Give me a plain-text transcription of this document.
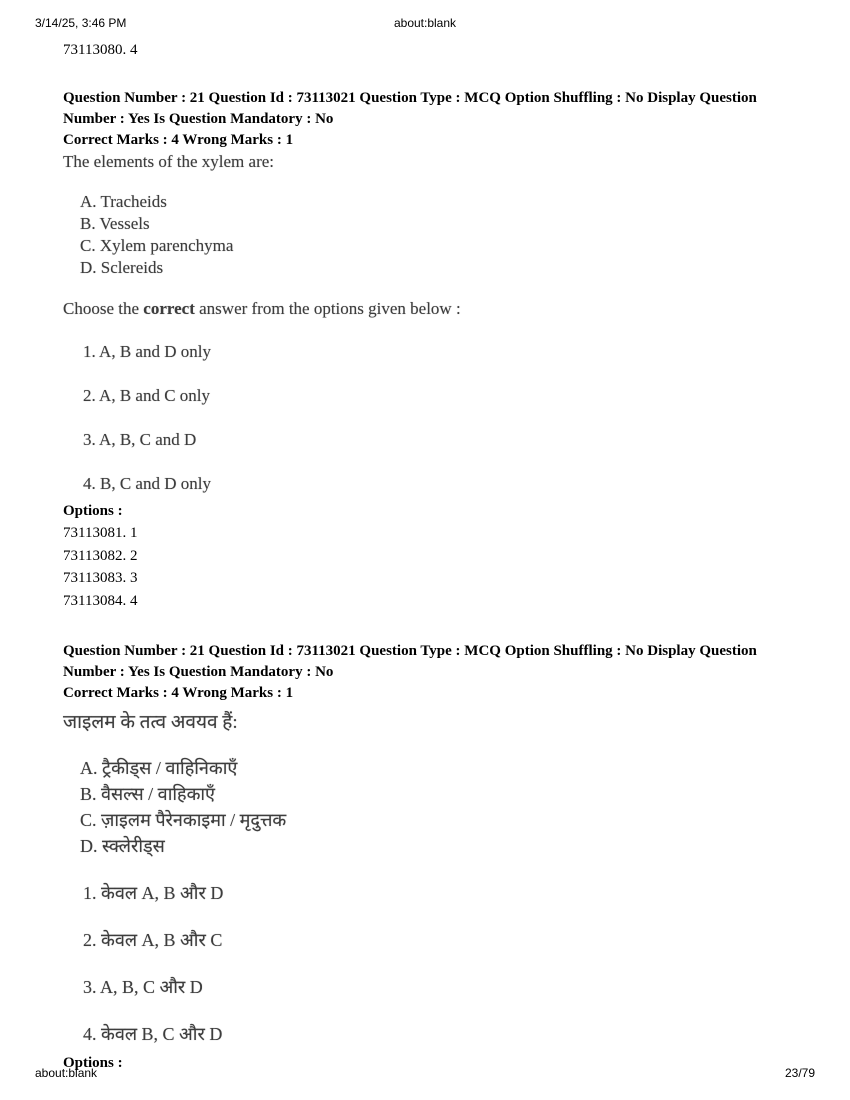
3/14/25, 3:46 PM	about:blank
73113080. 4
Question Number : 21 Question Id : 73113021 Question Type : MCQ Option Shuffling : No Display Question Number : Yes Is Question Mandatory : No
Correct Marks : 4 Wrong Marks : 1
The elements of the xylem are:
A. Tracheids
B. Vessels
C. Xylem parenchyma
D. Sclereids
Choose the correct answer from the options given below :
1. A, B and D only
2. A, B and C only
3. A, B, C and D
4. B, C and D only
Options :
73113081. 1
73113082. 2
73113083. 3
73113084. 4
Question Number : 21 Question Id : 73113021 Question Type : MCQ Option Shuffling : No Display Question Number : Yes Is Question Mandatory : No
Correct Marks : 4 Wrong Marks : 1
जाइलम के तत्व अवयव हैं:
A. ट्रैकीड्स / वाहिनिकाएँ
B. वैसल्स / वाहिकाएँ
C. ज़ाइलम पैरेनकाइमा / मृदुत्तक
D. स्क्लेरीड्स
1. केवल A, B और D
2. केवल A, B और C
3. A, B, C और D
4. केवल B, C और D
Options :
about:blank	23/79
